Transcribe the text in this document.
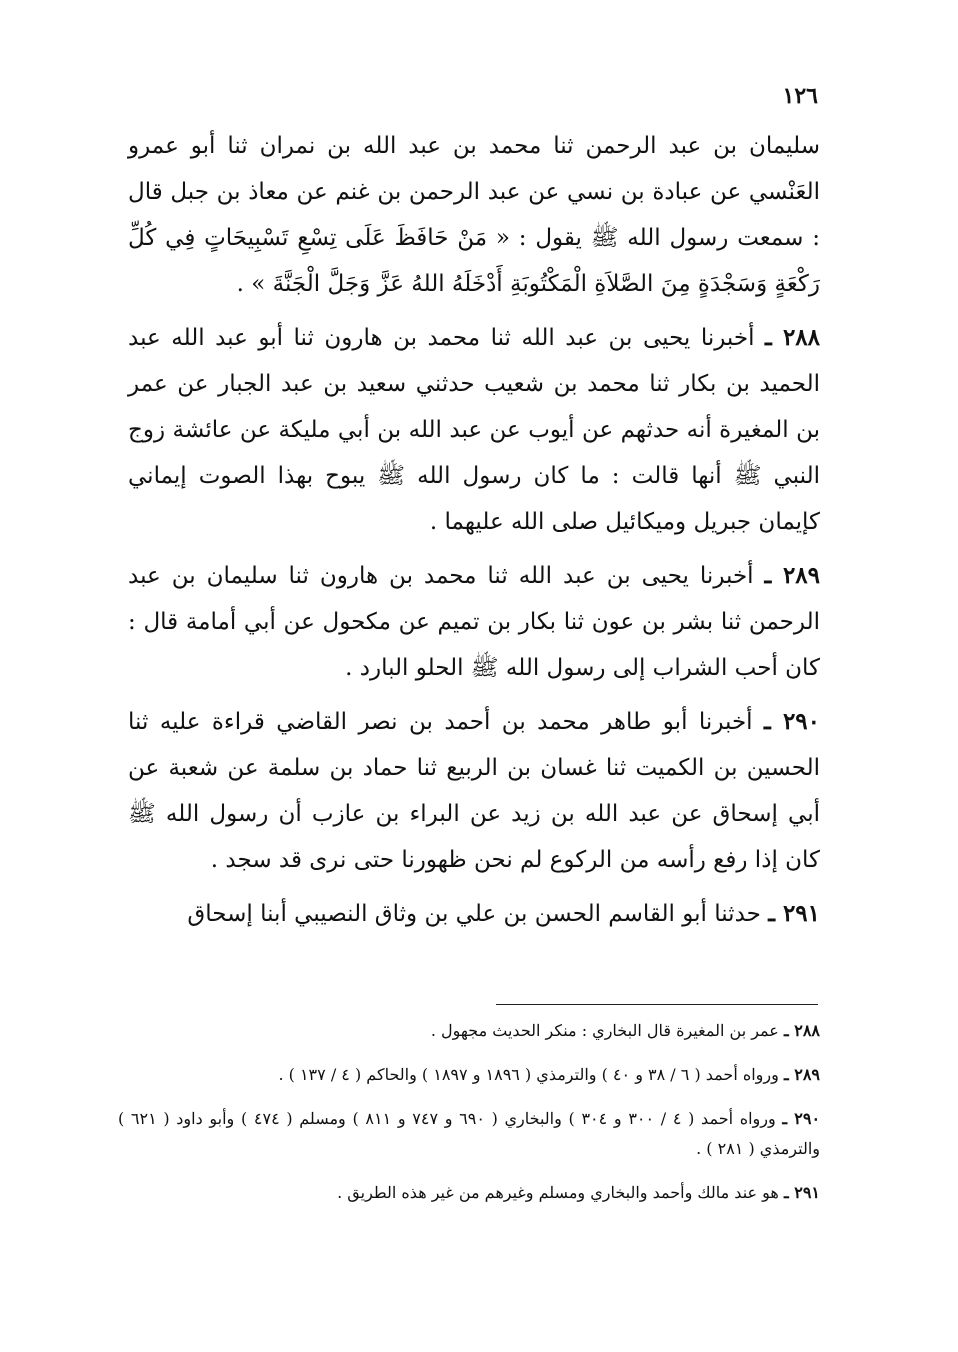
١٢٦

سليمان بن عبد الرحمن ثنا محمد بن عبد الله بن نمران ثنا أبو عمرو العَنْسي عن عبادة بن نسي عن عبد الرحمن بن غنم عن معاذ بن جبل قال : سمعت رسول الله ﷺ يقول : « مَنْ حَافَظَ عَلَى تِسْعِ تَسْبِيحَاتٍ فِي كُلِّ رَكْعَةٍ وَسَجْدَةٍ مِنَ الصَّلاَةِ الْمَكْتُوبَةِ أَدْخَلَهُ اللهُ عَزَّ وَجَلَّ الْجَنَّةَ » .

٢٨٨ ـ أخبرنا يحيى بن عبد الله ثنا محمد بن هارون ثنا أبو عبد الله عبد الحميد بن بكار ثنا محمد بن شعيب حدثني سعيد بن عبد الجبار عن عمر بن المغيرة أنه حدثهم عن أيوب عن عبد الله بن أبي مليكة عن عائشة زوج النبي ﷺ أنها قالت : ما كان رسول الله ﷺ يبوح بهذا الصوت إيماني كإيمان جبريل وميكائيل صلى الله عليهما .

٢٨٩ ـ أخبرنا يحيى بن عبد الله ثنا محمد بن هارون ثنا سليمان بن عبد الرحمن ثنا بشر بن عون ثنا بكار بن تميم عن مكحول عن أبي أمامة قال : كان أحب الشراب إلى رسول الله ﷺ الحلو البارد .

٢٩٠ ـ أخبرنا أبو طاهر محمد بن أحمد بن نصر القاضي قراءة عليه ثنا الحسين بن الكميت ثنا غسان بن الربيع ثنا حماد بن سلمة عن شعبة عن أبي إسحاق عن عبد الله بن زيد عن البراء بن عازب أن رسول الله ﷺ كان إذا رفع رأسه من الركوع لم نحن ظهورنا حتى نرى قد سجد .

٢٩١ ـ حدثنا أبو القاسم الحسن بن علي بن وثاق النصيبي أبنا إسحاق

٢٨٨ ـ عمر بن المغيرة قال البخاري : منكر الحديث مجهول .

٢٨٩ ـ ورواه أحمد ( ٦ / ٣٨ و ٤٠ ) والترمذي ( ١٨٩٦ و ١٨٩٧ ) والحاكم ( ٤ / ١٣٧ ) .

٢٩٠ ـ ورواه أحمد ( ٤ / ٣٠٠ و ٣٠٤ ) والبخاري ( ٦٩٠ و ٧٤٧ و ٨١١ ) ومسلم ( ٤٧٤ ) وأبو داود ( ٦٢١ ) والترمذي ( ٢٨١ ) .

٢٩١ ـ هو عند مالك وأحمد والبخاري ومسلم وغيرهم من غير هذه الطريق .
